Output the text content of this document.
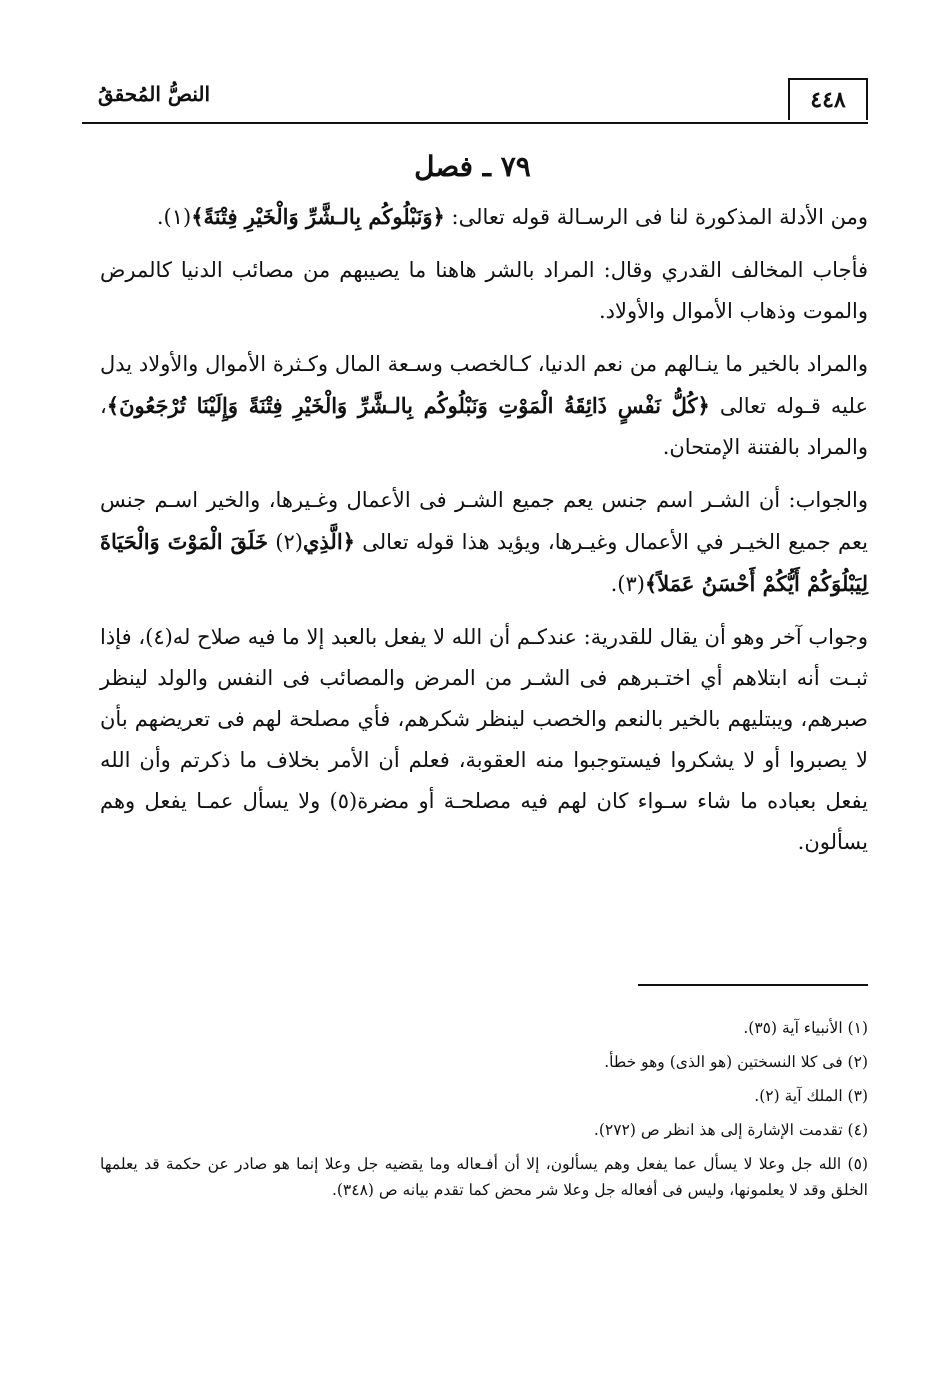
٤٤٨
النصُّ المُحققُ
٧٩ ـ فصل

ومن الأدلة المذكورة لنا فى الرسـالة قوله تعالى: ﴿وَنَبْلُوكُم بِالـشَّرِّ وَالْخَيْرِ فِتْنَةً﴾(١).

فأجاب المخالف القدري وقال: المراد بالشر هاهنا ما يصيبهم من مصائب الدنيا كالمرض والموت وذهاب الأموال والأولاد.

والمراد بالخير ما ينـالهم من نعم الدنيا، كـالخصب وسـعة المال وكـثرة الأموال والأولاد يدل عليه قـوله تعالى ﴿كُلُّ نَفْسٍ ذَائِقَةُ الْمَوْتِ وَنَبْلُوكُم بِالـشَّرِّ وَالْخَيْرِ فِتْنَةً وَإِلَيْنَا تُرْجَعُونَ﴾، والمراد بالفتنة الإمتحان.

والجواب: أن الشـر اسم جنس يعم جميع الشـر فى الأعمال وغـيرها، والخير اسـم جنس يعم جميع الخيـر في الأعمال وغيـرها، ويؤيد هذا قوله تعالى ﴿الَّذِي(٢) خَلَقَ الْمَوْتَ وَالْحَيَاةَ لِيَبْلُوَكُمْ أَيُّكُمْ أَحْسَنُ عَمَلاً﴾(٣).

وجواب آخر وهو أن يقال للقدرية: عندكـم أن الله لا يفعل بالعبد إلا ما فيه صلاح له(٤)، فإذا ثبـت أنه ابتلاهم أي اختـبرهم فى الشـر من المرض والمصائب فى النفس والولد لينظر صبرهم، ويبتليهم بالخير بالنعم والخصب لينظر شكرهم، فأي مصلحة لهم فى تعريضهم بأن لا يصبروا أو لا يشكروا فيستوجبوا منه العقوبة، فعلم أن الأمر بخلاف ما ذكرتم وأن الله يفعل بعباده ما شاء سـواء كان لهم فيه مصلحـة أو مضرة(٥) ولا يسأل عمـا يفعل وهم يسألون.

(١) الأنبياء آية (٣٥).

(٢) فى كلا النسختين (هو الذى) وهو خطأ.

(٣) الملك آية (٢).

(٤) تقدمت الإشارة إلى هذ انظر ص (٢٧٢).

(٥) الله جل وعلا لا يسأل عما يفعل وهم يسألون، إلا أن أفـعاله وما يقضيه جل وعلا إنما هو صادر عن حكمة قد يعلمها الخلق وقد لا يعلمونها، وليس فى أفعاله جل وعلا شر محض كما تقدم بيانه ص (٣٤٨).
